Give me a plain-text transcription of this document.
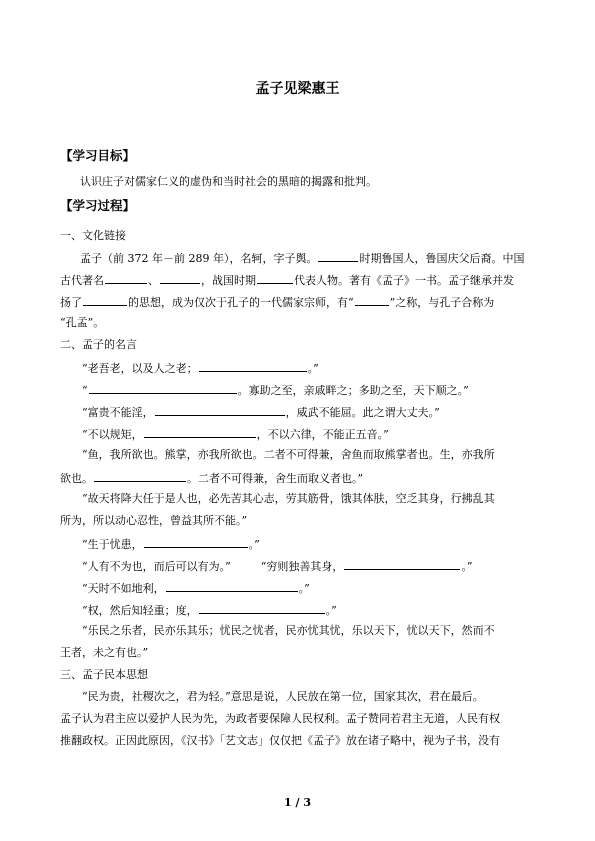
孟子见梁惠王
【学习目标】
认识庄子对儒家仁义的虚伪和当时社会的黑暗的揭露和批判。
【学习过程】
一、文化链接
孟子（前 372 年－前 289 年），名轲，字子舆。	时期鲁国人，鲁国庆父后裔。中国
古代著名	、	，战国时期	代表人物。著有《孟子》一书。孟子继承并发
扬了	的思想，成为仅次于孔子的一代儒家宗师，有“	”之称，与孔子合称为
“孔孟”。
二、孟子的名言
“老吾老，以及人之老；	。”
“	。寡助之至，亲戚畔之；多助之至，天下顺之。”
“富贵不能淫，	，威武不能屈。此之谓大丈夫。”
“不以规矩，	，不以六律，不能正五音。”
“鱼，我所欲也。熊掌，亦我所欲也。二者不可得兼，舍鱼而取熊掌者也。生，亦我所
欲也。	。二者不可得兼，舍生而取义者也。”
“故天将降大任于是人也，必先苦其心志，劳其筋骨，饿其体肤，空乏其身，行拂乱其
所为，所以动心忍性，曾益其所不能。”
“生于忧患，	。”
“人有不为也，而后可以有为。”	“穷则独善其身，	。”
“天时不如地利，	。”
“权，然后知轻重；度，	。”
“乐民之乐者，民亦乐其乐；忧民之忧者，民亦忧其忧，乐以天下，忧以天下，然而不
王者，未之有也。”
三、孟子民本思想
“民为贵，社稷次之，君为轻。”意思是说，人民放在第一位，国家其次，君在最后。
孟子认为君主应以爱护人民为先，为政者要保障人民权利。孟子赞同若君主无道，人民有权
推翻政权。正因此原因，《汉书》「艺文志」仅仅把《孟子》放在诸子略中，视为子书，没有
1 / 3
